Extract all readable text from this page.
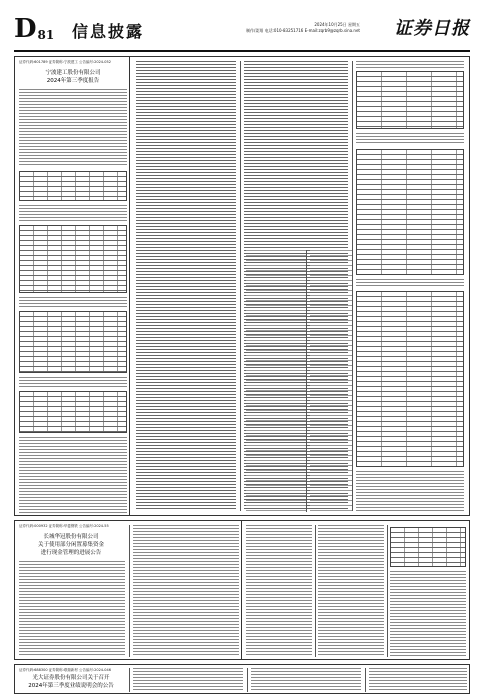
D 81 信息披露	2024年10月25日 星期五
制作/姜翔 电话:010-83251716 E-mail:zqrb9@zqrb.sina.net 证券日报
证券代码:601789 证券简称:宁波建工 公告编号:2024-052
宁波建工股份有限公司
2024年第三季度报告
证券代码:000932 证券简称:华菱钢铁 公告编号:2024-55
长城华冠股份有限公司
关于使用部分闲置募集资金
进行现金管理的进展公告
证券代码:688300 证券简称:联瑞新材 公告编号:2024-046
光大证券股份有限公司关于召开
2024年第三季度业绩说明会的公告
